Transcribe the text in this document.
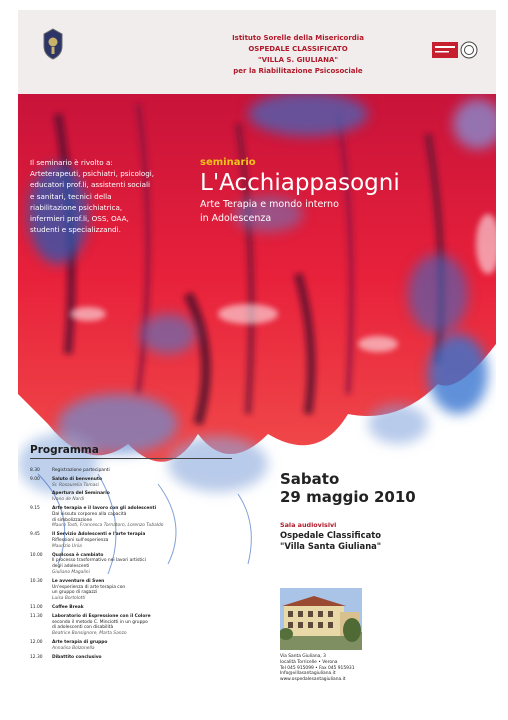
Istituto Sorelle della Misericordia
OSPEDALE CLASSIFICATO
"VILLA S. GIULIANA"
per la Riabilitazione Psicosociale
Il seminario è rivolto a:
Arteterapeuti, psichiatri, psicologi,
educatori prof.li, assistenti sociali
e sanitari, tecnici della
riabilitazione psichiatrica,
infermieri prof.li, OSS, OAA,
studenti e specializzandi.
seminario
L'Acchiappasogni
Arte Terapia e mondo interno
in Adolescenza
Programma
8.30	Registrazione partecipanti
9.00	Saluto di benvenuto
Sr. Rosaurelia Tomasi
Apertura del Seminario
Ivano de Nardi
9.15	Arte terapia e il lavoro con gli adolescenti
Dal vissuto corporeo alla capacità
di simbolizzazione
Mauro Tosti, Francesca Tornatoro, Lorenzo Tubaldo
9.45	Il Servizio Adolescenti e l'arte terapia
Riflessioni sull'esperienza
Maurizio Unia
10.00	Qualcosa è cambiato
Il processo trasformativo nei lavori artistici
degli adolescenti
Giuliano Magalini
10.30	Le avventure di Sven
Un'esperienza di arte terapia con
un gruppo di ragazzi
Luisa Bortolotti
11.00	Coffee Break
11.30	Laboratorio di Espressione con il Colore
secondo il metodo C. Minciotti in un gruppo
di adolescenti con disabilità
Beatrice Bonsignore, Marta Sanzo
12.00	Arte terapia di gruppo
Annalisa Bolzonella
12.30	Dibattito conclusivo
Sabato
29 maggio 2010
Sala audiovisivi
Ospedale Classificato
"Villa Santa Giuliana"
Via Santa Giuliana, 3
località Torricelle • Verona
Tel 045 915099 • Fax 045 915931
Info@villasantagiuliana.it
www.ospedalesantagiuliana.it
